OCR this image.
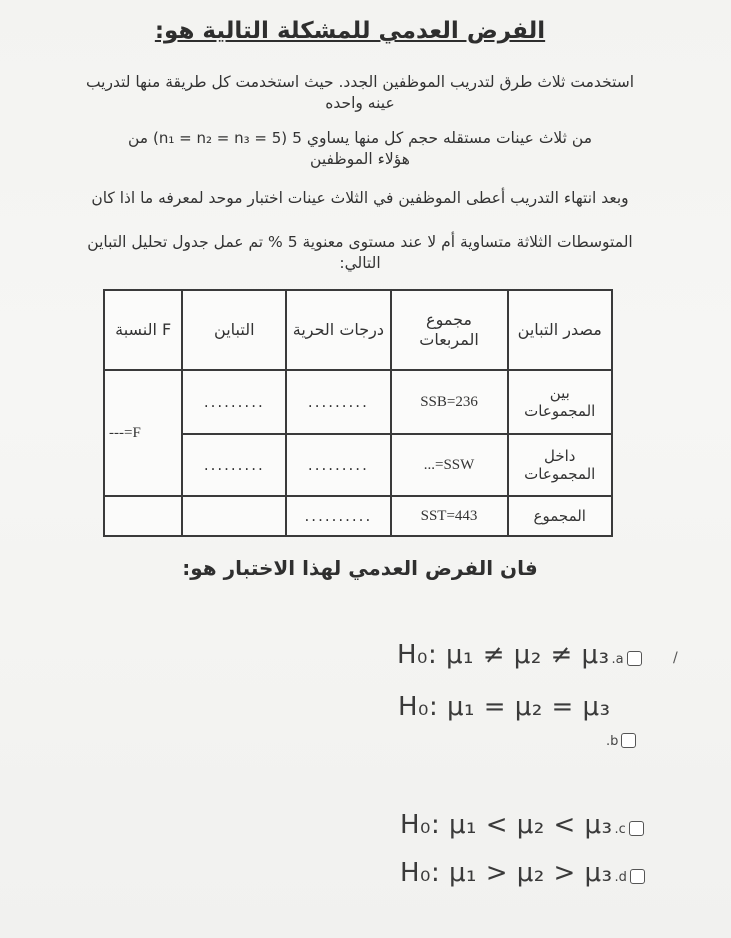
الفرض العدمي للمشكلة التالية هو:
استخدمت ثلاث طرق لتدريب الموظفين الجدد. حيث استخدمت كل طريقة منها لتدريب عينه واحده
من ثلاث عينات مستقله حجم كل منها يساوي 5 (n₁ = n₂ = n₃ = 5) من
هؤلاء الموظفين
وبعد انتهاء التدريب أعطى الموظفين في الثلاث عينات اختبار موحد لمعرفه ما اذا كان
المتوسطات الثلاثة متساوية أم لا عند مستوى معنوية 5 % تم عمل جدول تحليل التباين التالي:
مصدر التباين	مجموع المربعات	درجات الحرية	التباين	F النسبة
بين المجموعات	SSB=236	.........	.........	F=---
داخل المجموعات	SSW=...	.........	.........	
المجموع	SST=443	..........		
فان الفرض العدمي لهذا الاختبار هو:
/
H₀: μ₁ ≠ μ₂ ≠ μ₃ .a
H₀: μ₁ = μ₂ = μ₃
.b
H₀: μ₁ < μ₂ < μ₃ .c
H₀: μ₁ > μ₂ > μ₃ .d
